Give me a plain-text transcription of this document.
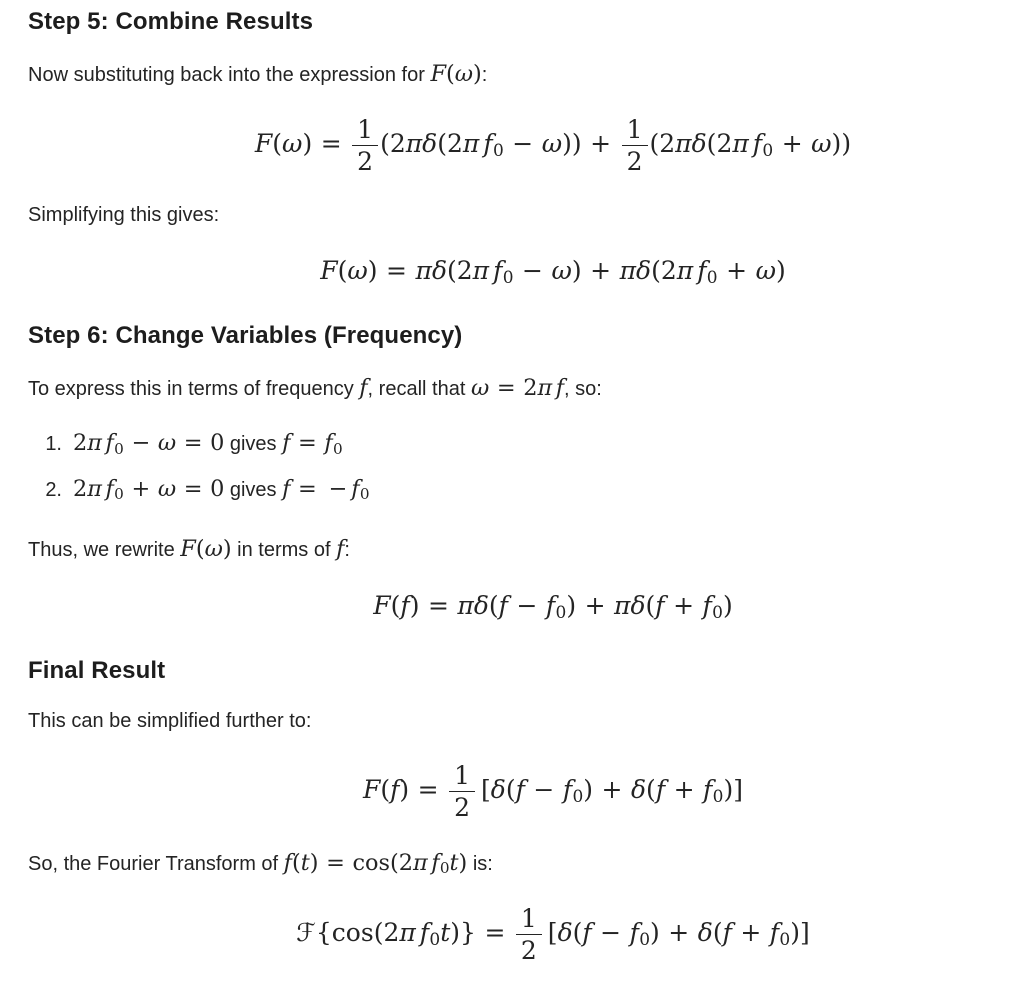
Step 5: Combine Results

Now substituting back into the expression for F(ω):

$F(\omega) = \frac{1}{2} (2\pi\delta(2\pi$ $f0 - \omega)) + \frac{1}{2} (2\pi\delta(2\pi$ f0 + ω))

Simplifying this gives:

F(ω) = πδ(2π f0 − ω) + πδ(2π f0 + ω)
Step 6: Change Variables (Frequency)

To express this in terms of frequency f, recall that ω = 2π f, so:

1. 2π f0 − ω = 0 gives f = f0
2. 2π f0 + ω = 0 gives f = − f0

Thus, we rewrite F(ω) in terms of f:

F(f) = πδ(f − f0) + πδ(f + f0)
Final Result

This can be simplified further to:

$F(f) = \frac{1}{2} [\delta(f - f0) + \delta(f + f0)]$

So, the Fourier Transform of f(t) = cos(2π f0t) is:

ℱ{cos(2π $f0t)\} = \frac{1}{2} [\delta(f - f0) + \delta(f + f0)]$
